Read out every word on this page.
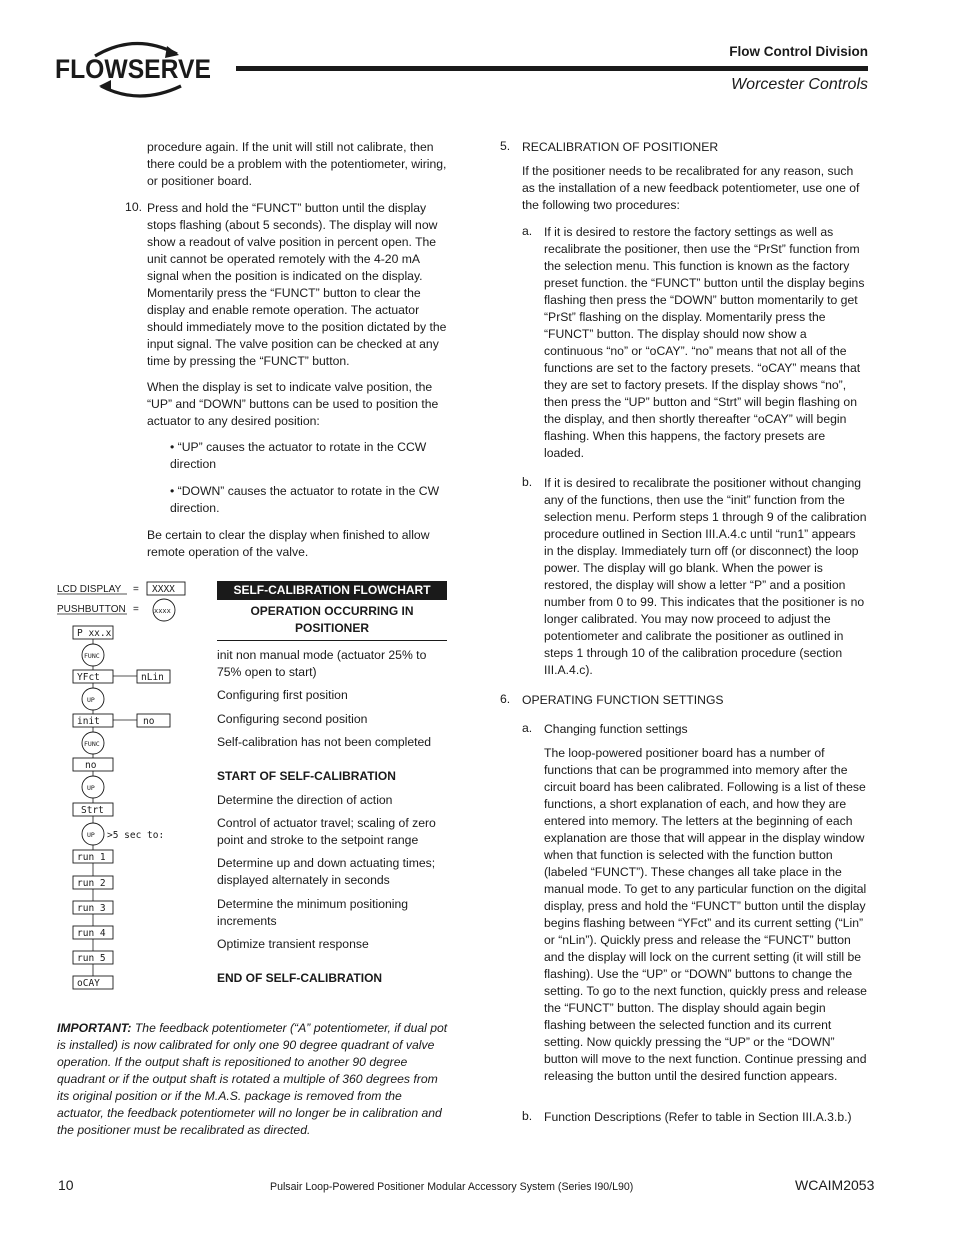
FLOWSERVE
Flow Control Division
Worcester Controls

procedure again. If the unit will still not calibrate, then there could be a problem with the potentiometer, wiring, or positioner board.

10. Press and hold the “FUNCT” button until the display stops flashing (about 5 seconds). The display will now show a readout of valve position in percent open. The unit cannot be operated remotely with the 4-20 mA signal when the position is indicated on the display. Momentarily press the “FUNCT” button to clear the display and enable remote operation. The actuator should immediately move to the position dictated by the input signal. The valve position can be checked at any time by pressing the “FUNCT” button.

When the display is set to indicate valve position, the “UP” and “DOWN” buttons can be used to position the actuator to any desired position:

• “UP” causes the actuator to rotate in the CCW direction

• “DOWN” causes the actuator to rotate in the CW direction.

Be certain to clear the display when finished to allow remote operation of the valve.

LCD DISPLAY = XXXX
PUSHBUTTON = xxxx
P xx.x
FUNC
YFct	nLin
UP
init	no
FUNC
no
UP
Strt
UP >5 sec to:
run 1
run 2
run 3
run 4
run 5
oCAY
SELF-CALIBRATION FLOWCHART
OPERATION OCCURRING IN POSITIONER

init non manual mode (actuator 25% to 75% open to start)

Configuring first position

Configuring second position

Self-calibration has not been completed

START OF SELF-CALIBRATION

Determine the direction of action

Control of actuator travel; scaling of zero point and stroke to the setpoint range

Determine up and down actuating times; displayed alternately in seconds

Determine the minimum positioning increments

Optimize transient response

END OF SELF-CALIBRATION

IMPORTANT: The feedback potentiometer (“A” potentiometer, if dual pot is installed) is now calibrated for only one 90 degree quadrant of valve operation. If the output shaft is repositioned to another 90 degree quadrant or if the output shaft is rotated a multiple of 360 degrees from its original position or if the M.A.S. package is removed from the actuator, the feedback potentiometer will no longer be in calibration and the positioner must be recalibrated as directed.

5. RECALIBRATION OF POSITIONER

If the positioner needs to be recalibrated for any reason, such as the installation of a new feedback potentiometer, use one of the following two procedures:

a. If it is desired to restore the factory settings as well as recalibrate the positioner, then use the “PrSt” function from the selection menu. This function is known as the factory preset function. the “FUNCT” button until the display begins flashing then press the “DOWN” button momentarily to get “PrSt” flashing on the display. Momentarily press the “FUNCT” button. The display should now show a continuous “no” or “oCAY”. “no” means that not all of the functions are set to the factory presets. “oCAY” means that they are set to factory presets. If the display shows “no”, then press the “UP” button and “Strt” will begin flashing on the display, and then shortly thereafter “oCAY” will begin flashing. When this happens, the factory presets are loaded.

b. If it is desired to recalibrate the positioner without changing any of the functions, then use the “init” function from the selection menu. Perform steps 1 through 9 of the calibration procedure outlined in Section III.A.4.c until “run1” appears in the display. Immediately turn off (or disconnect) the loop power. The display will go blank. When the power is restored, the display will show a letter “P” and a position number from 0 to 99. This indicates that the positioner is no longer calibrated. You may now proceed to adjust the potentiometer and calibrate the positioner as outlined in steps 1 through 10 of the calibration procedure (section III.A.4.c).

6. OPERATING FUNCTION SETTINGS

a. Changing function settings

The loop-powered positioner board has a number of functions that can be programmed into memory after the circuit board has been calibrated. Following is a list of these functions, a short explanation of each, and how they are entered into memory. The letters at the beginning of each explanation are those that will appear in the display window when that function is selected with the function button (labeled “FUNCT”). These changes all take place in the manual mode. To get to any particular function on the digital display, press and hold the “FUNCT” button until the display begins flashing between “YFct” and its current setting (“Lin” or “nLin”). Quickly press and release the “FUNCT” button and the display will lock on the current setting (it will still be flashing). Use the “UP” or “DOWN” buttons to change the setting. To go to the next function, quickly press and release the “FUNCT” button. The display should again begin flashing between the selected function and its current setting. Now quickly pressing the “UP” or the “DOWN” button will move to the next function. Continue pressing and releasing the button until the desired function appears.

b. Function Descriptions (Refer to table in Section III.A.3.b.)

10	Pulsair Loop-Powered Positioner Modular Accessory System (Series I90/L90)	WCAIM2053
